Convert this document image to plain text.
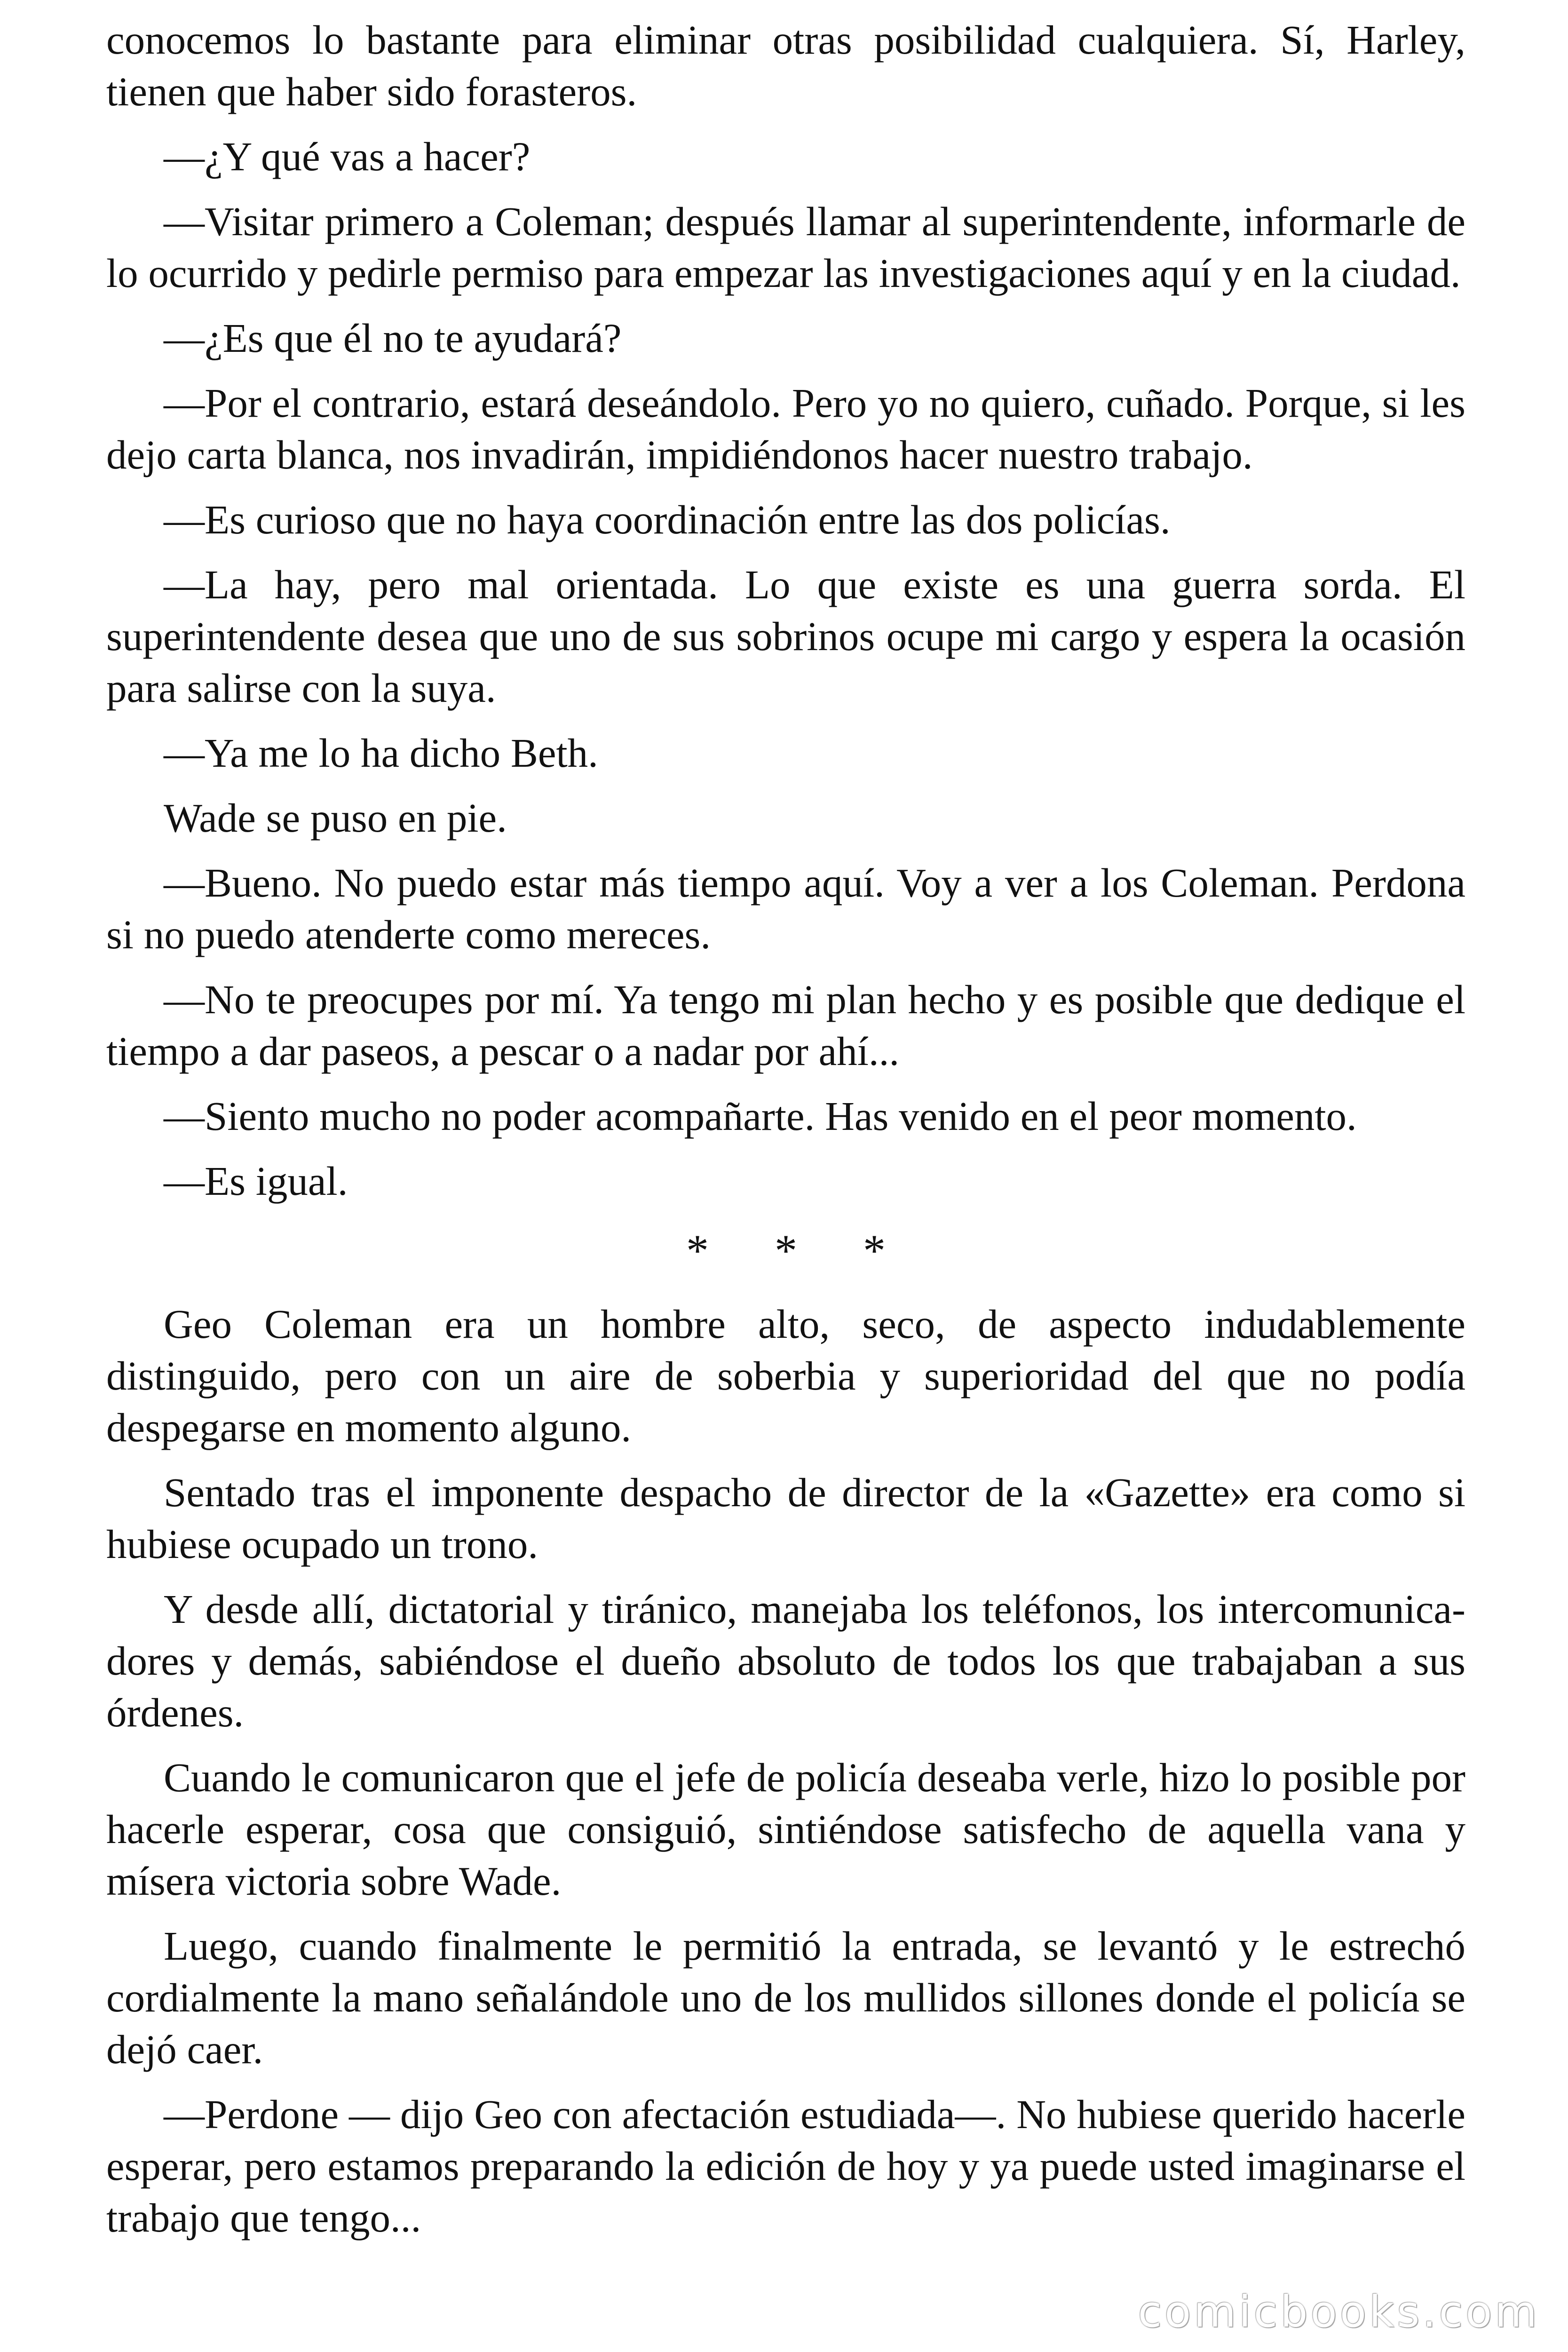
conocemos lo bastante para eliminar otras posibilidad cualquiera. Sí, Harley, tienen que haber sido forasteros.

—¿Y qué vas a hacer?

—Visitar primero a Coleman; después llamar al superintendente, informarle de lo ocurrido y pedirle permiso para empezar las investigaciones aquí y en la ciudad.

—¿Es que él no te ayudará?

—Por el contrario, estará deseándolo. Pero yo no quiero, cuñado. Porque, si les dejo carta blanca, nos invadirán, impidiéndonos hacer nuestro trabajo.

—Es curioso que no haya coordinación entre las dos policías.

—La hay, pero mal orientada. Lo que existe es una guerra sorda. El superintendente desea que uno de sus sobrinos ocupe mi cargo y espera la ocasión para salirse con la suya.

—Ya me lo ha dicho Beth.

Wade se puso en pie.

—Bueno. No puedo estar más tiempo aquí. Voy a ver a los Coleman. Perdona si no puedo atenderte como mereces.

—No te preocupes por mí. Ya tengo mi plan hecho y es posible que dedique el tiempo a dar paseos, a pescar o a nadar por ahí...

—Siento mucho no poder acompañarte. Has venido en el peor momento.

—Es igual.

* * *

Geo Coleman era un hombre alto, seco, de aspecto indudablemente distinguido, pero con un aire de soberbia y superioridad del que no podía despegarse en momento alguno.

Sentado tras el imponente despacho de director de la «Gazette» era como si hubiese ocupado un trono.

Y desde allí, dictatorial y tiránico, manejaba los teléfonos, los intercomunica-dores y demás, sabiéndose el dueño absoluto de todos los que trabajaban a sus órdenes.

Cuando le comunicaron que el jefe de policía deseaba verle, hizo lo posible por hacerle esperar, cosa que consiguió, sintiéndose satisfecho de aquella vana y mísera victoria sobre Wade.

Luego, cuando finalmente le permitió la entrada, se levantó y le estrechó cordialmente la mano señalándole uno de los mullidos sillones donde el policía se dejó caer.

—Perdone — dijo Geo con afectación estudiada—. No hubiese querido hacerle esperar, pero estamos preparando la edición de hoy y ya puede usted imaginarse el trabajo que tengo...

comicbooks.com
